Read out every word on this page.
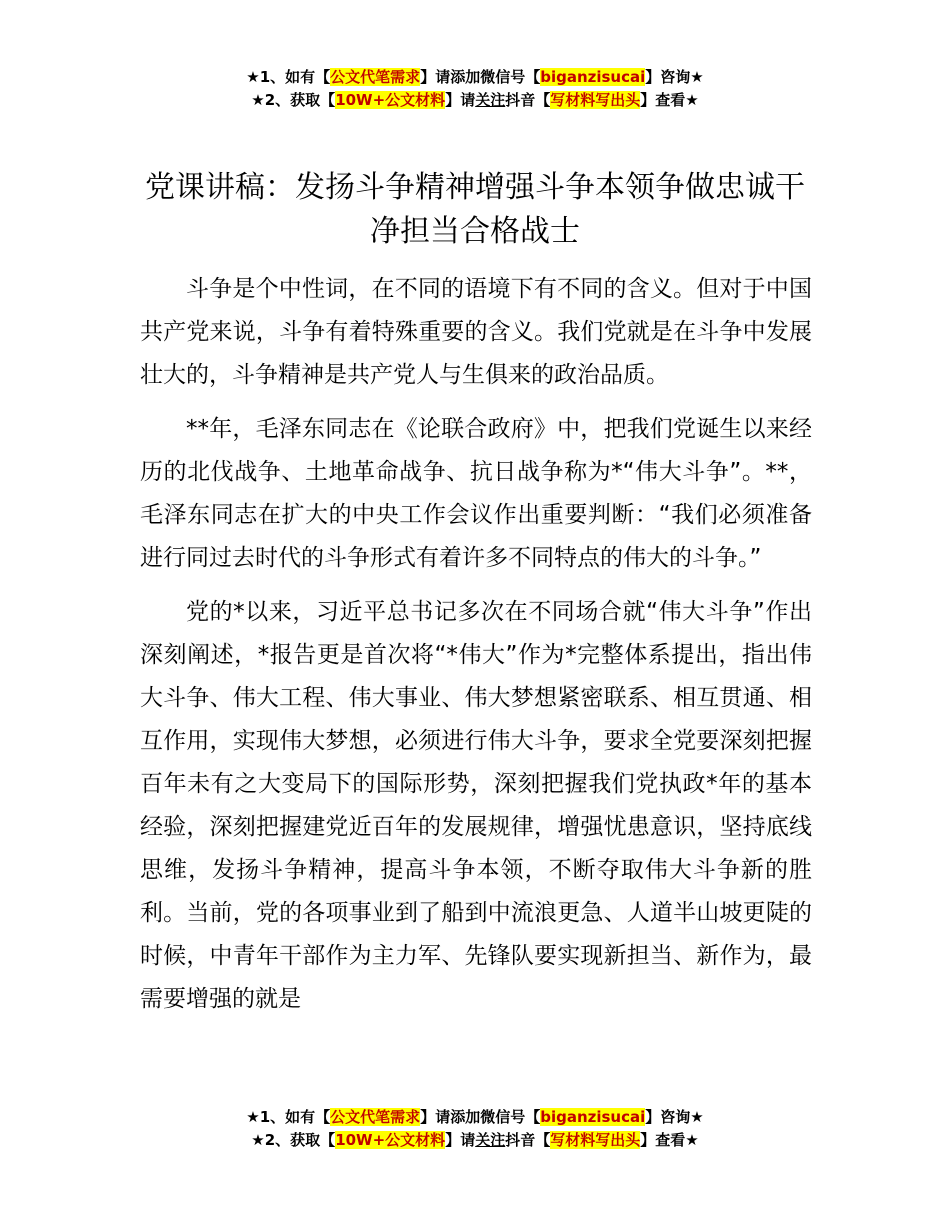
★1、如有【公文代笔需求】请添加微信号【biganzisucai】咨询★
★2、获取【10W+公文材料】请关注抖音【写材料写出头】查看★
党课讲稿：发扬斗争精神增强斗争本领争做忠诚干净担当合格战士

斗争是个中性词，在不同的语境下有不同的含义。但对于中国共产党来说，斗争有着特殊重要的含义。我们党就是在斗争中发展壮大的，斗争精神是共产党人与生俱来的政治品质。

**年，毛泽东同志在《论联合政府》中，把我们党诞生以来经历的北伐战争、土地革命战争、抗日战争称为*“伟大斗争”。**，毛泽东同志在扩大的中央工作会议作出重要判断：“我们必须准备进行同过去时代的斗争形式有着许多不同特点的伟大的斗争。”

党的*以来，习近平总书记多次在不同场合就“伟大斗争”作出深刻阐述，*报告更是首次将“*伟大”作为*完整体系提出，指出伟大斗争、伟大工程、伟大事业、伟大梦想紧密联系、相互贯通、相互作用，实现伟大梦想，必须进行伟大斗争，要求全党要深刻把握百年未有之大变局下的国际形势，深刻把握我们党执政*年的基本经验，深刻把握建党近百年的发展规律，增强忧患意识，坚持底线思维，发扬斗争精神，提高斗争本领，不断夺取伟大斗争新的胜利。当前，党的各项事业到了船到中流浪更急、人道半山坡更陡的时候，中青年干部作为主力军、先锋队要实现新担当、新作为，最需要增强的就是

★1、如有【公文代笔需求】请添加微信号【biganzisucai】咨询★
★2、获取【10W+公文材料】请关注抖音【写材料写出头】查看★
